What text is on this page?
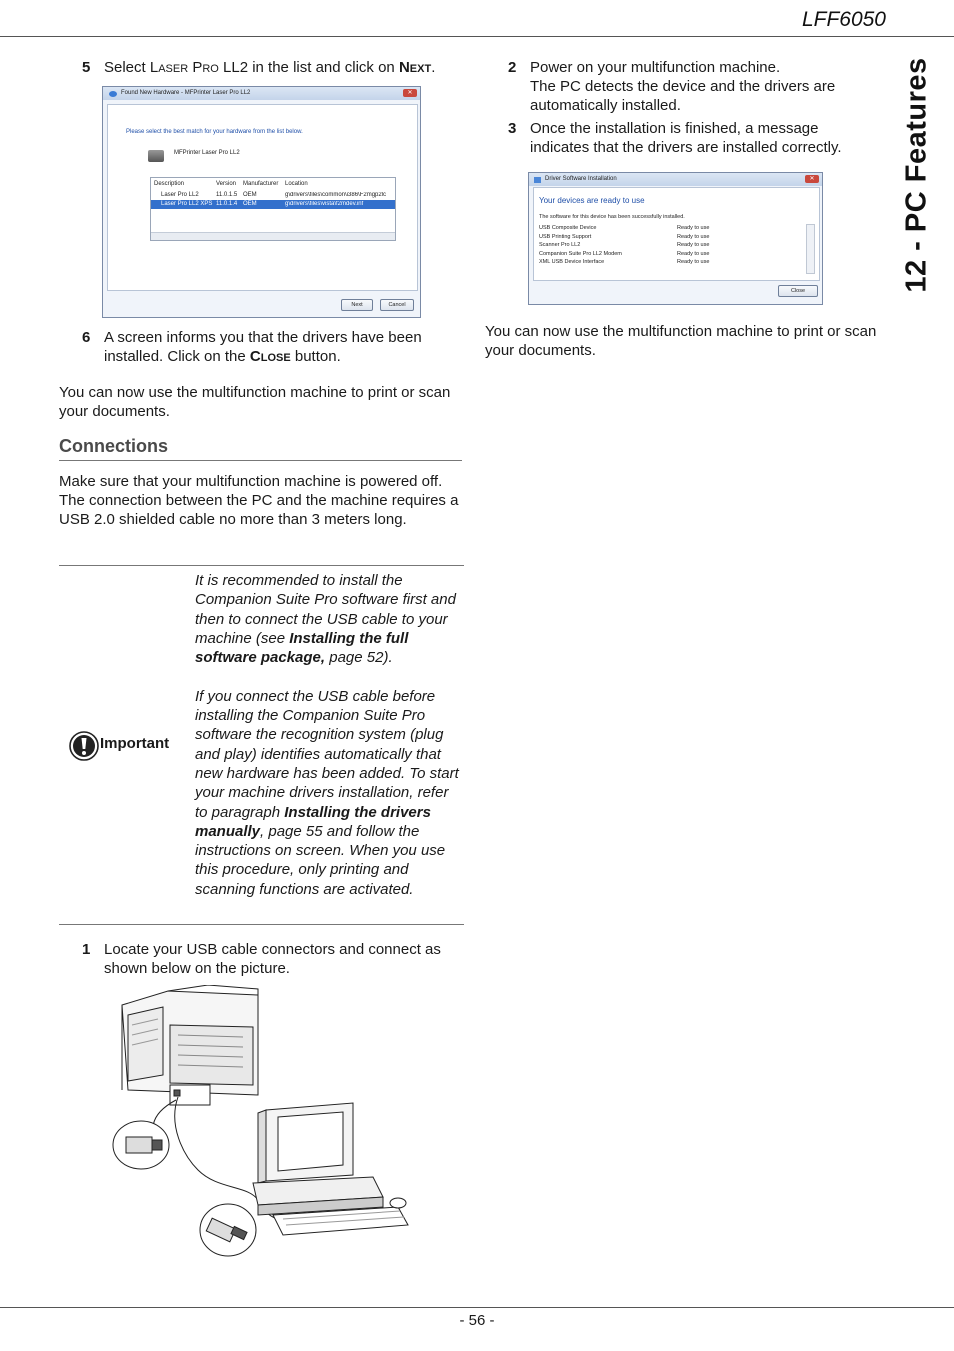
LFF6050
12 - PC Features
5 Select Laser Pro LL2 in the list and click on Next.
Found New Hardware - MFPrinter Laser Pro LL2	✕
Please select the best match for your hardware from the list below.
MFPrinter Laser Pro LL2
Description	Version Manufacturer Location
Laser Pro LL2	11.0.1.5 OEM	g\drivers\files\common\i386\F2mgp2lc
Laser Pro LL2 XPS 11.0.1.4 OEM	g\drivers\files\vista\f2mdev.inf
Next	Cancel
6 A screen informs you that the drivers have been installed. Click on the Close button.
You can now use the multifunction machine to print or scan your documents.
Connections
Make sure that your multifunction machine is powered off. The connection between the PC and the machine requires a USB 2.0 shielded cable no more than 3 meters long.
Important
It is recommended to install the Companion Suite Pro software first and then to connect the USB cable to your machine (see Installing the full software package, page 52).
If you connect the USB cable before installing the Companion Suite Pro software the recognition system (plug and play) identifies automatically that new hardware has been added. To start your machine drivers installation, refer to paragraph Installing the drivers manually, page 55 and follow the instructions on screen. When you use this procedure, only printing and scanning functions are activated.
1 Locate your USB cable connectors and connect as shown below on the picture.
2 Power on your multifunction machine.
The PC detects the device and the drivers are automatically installed.
3 Once the installation is finished, a message indicates that the drivers are installed correctly.
Driver Software Installation	✕
Your devices are ready to use
The software for this device has been successfully installed.
USB Composite Device	Ready to use
USB Printing Support	Ready to use
Scanner Pro LL2	Ready to use
Companion Suite Pro LL2 Modem	Ready to use
XML USB Device Interface	Ready to use
Close
You can now use the multifunction machine to print or scan your documents.
- 56 -
